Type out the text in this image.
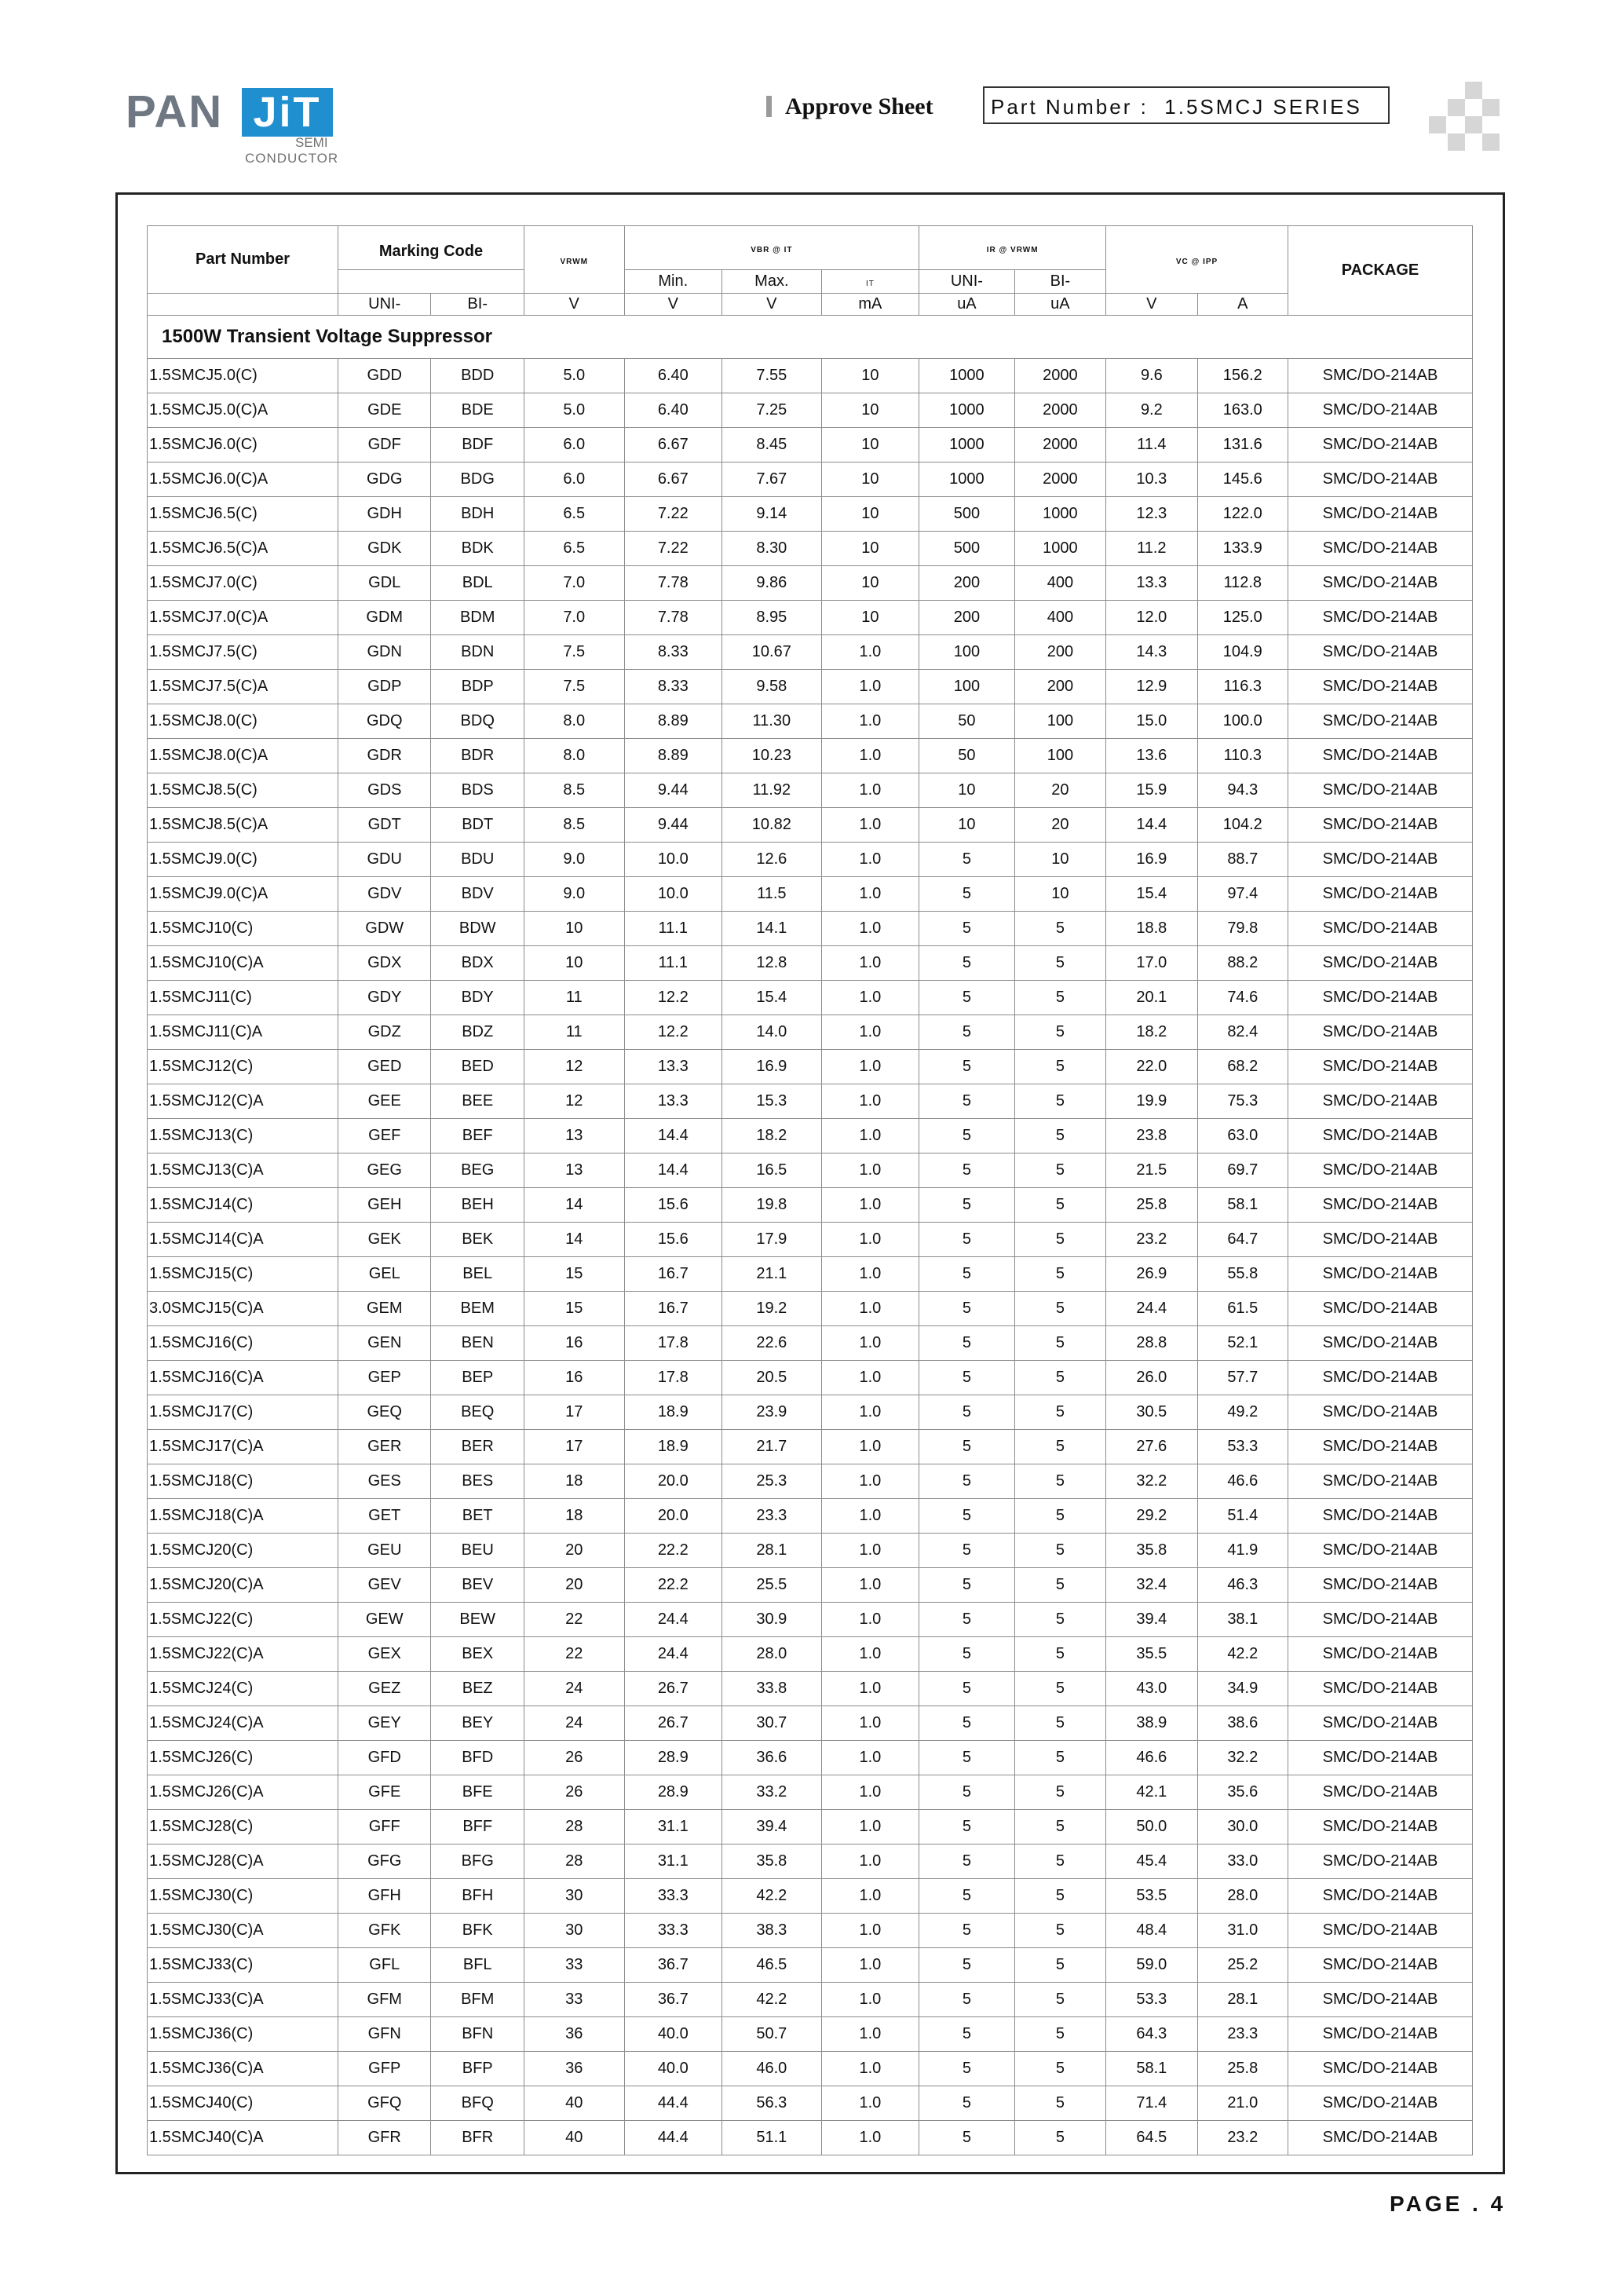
PAN JiT
SEMI
CONDUCTOR
Approve Sheet	Part Number : 1.5SMCJ SERIES
Part Number	Marking Code		VRWM	VBR @ IT			IR @ VRWM		VC @ IPP		PACKAGE
				Min.	Max.	IT	UNI-	BI-			
	UNI-	BI-	V	V	V	mA	uA	uA	V	A	
1500W Transient Voltage Suppressor											
1.5SMCJ5.0(C)	GDD	BDD	5.0	6.40	7.55	10	1000	2000	9.6	156.2	SMC/DO-214AB
1.5SMCJ5.0(C)A	GDE	BDE	5.0	6.40	7.25	10	1000	2000	9.2	163.0	SMC/DO-214AB
1.5SMCJ6.0(C)	GDF	BDF	6.0	6.67	8.45	10	1000	2000	11.4	131.6	SMC/DO-214AB
1.5SMCJ6.0(C)A	GDG	BDG	6.0	6.67	7.67	10	1000	2000	10.3	145.6	SMC/DO-214AB
1.5SMCJ6.5(C)	GDH	BDH	6.5	7.22	9.14	10	500	1000	12.3	122.0	SMC/DO-214AB
1.5SMCJ6.5(C)A	GDK	BDK	6.5	7.22	8.30	10	500	1000	11.2	133.9	SMC/DO-214AB
1.5SMCJ7.0(C)	GDL	BDL	7.0	7.78	9.86	10	200	400	13.3	112.8	SMC/DO-214AB
1.5SMCJ7.0(C)A	GDM	BDM	7.0	7.78	8.95	10	200	400	12.0	125.0	SMC/DO-214AB
1.5SMCJ7.5(C)	GDN	BDN	7.5	8.33	10.67	1.0	100	200	14.3	104.9	SMC/DO-214AB
1.5SMCJ7.5(C)A	GDP	BDP	7.5	8.33	9.58	1.0	100	200	12.9	116.3	SMC/DO-214AB
1.5SMCJ8.0(C)	GDQ	BDQ	8.0	8.89	11.30	1.0	50	100	15.0	100.0	SMC/DO-214AB
1.5SMCJ8.0(C)A	GDR	BDR	8.0	8.89	10.23	1.0	50	100	13.6	110.3	SMC/DO-214AB
1.5SMCJ8.5(C)	GDS	BDS	8.5	9.44	11.92	1.0	10	20	15.9	94.3	SMC/DO-214AB
1.5SMCJ8.5(C)A	GDT	BDT	8.5	9.44	10.82	1.0	10	20	14.4	104.2	SMC/DO-214AB
1.5SMCJ9.0(C)	GDU	BDU	9.0	10.0	12.6	1.0	5	10	16.9	88.7	SMC/DO-214AB
1.5SMCJ9.0(C)A	GDV	BDV	9.0	10.0	11.5	1.0	5	10	15.4	97.4	SMC/DO-214AB
1.5SMCJ10(C)	GDW	BDW	10	11.1	14.1	1.0	5	5	18.8	79.8	SMC/DO-214AB
1.5SMCJ10(C)A	GDX	BDX	10	11.1	12.8	1.0	5	5	17.0	88.2	SMC/DO-214AB
1.5SMCJ11(C)	GDY	BDY	11	12.2	15.4	1.0	5	5	20.1	74.6	SMC/DO-214AB
1.5SMCJ11(C)A	GDZ	BDZ	11	12.2	14.0	1.0	5	5	18.2	82.4	SMC/DO-214AB
1.5SMCJ12(C)	GED	BED	12	13.3	16.9	1.0	5	5	22.0	68.2	SMC/DO-214AB
1.5SMCJ12(C)A	GEE	BEE	12	13.3	15.3	1.0	5	5	19.9	75.3	SMC/DO-214AB
1.5SMCJ13(C)	GEF	BEF	13	14.4	18.2	1.0	5	5	23.8	63.0	SMC/DO-214AB
1.5SMCJ13(C)A	GEG	BEG	13	14.4	16.5	1.0	5	5	21.5	69.7	SMC/DO-214AB
1.5SMCJ14(C)	GEH	BEH	14	15.6	19.8	1.0	5	5	25.8	58.1	SMC/DO-214AB
1.5SMCJ14(C)A	GEK	BEK	14	15.6	17.9	1.0	5	5	23.2	64.7	SMC/DO-214AB
1.5SMCJ15(C)	GEL	BEL	15	16.7	21.1	1.0	5	5	26.9	55.8	SMC/DO-214AB
3.0SMCJ15(C)A	GEM	BEM	15	16.7	19.2	1.0	5	5	24.4	61.5	SMC/DO-214AB
1.5SMCJ16(C)	GEN	BEN	16	17.8	22.6	1.0	5	5	28.8	52.1	SMC/DO-214AB
1.5SMCJ16(C)A	GEP	BEP	16	17.8	20.5	1.0	5	5	26.0	57.7	SMC/DO-214AB
1.5SMCJ17(C)	GEQ	BEQ	17	18.9	23.9	1.0	5	5	30.5	49.2	SMC/DO-214AB
1.5SMCJ17(C)A	GER	BER	17	18.9	21.7	1.0	5	5	27.6	53.3	SMC/DO-214AB
1.5SMCJ18(C)	GES	BES	18	20.0	25.3	1.0	5	5	32.2	46.6	SMC/DO-214AB
1.5SMCJ18(C)A	GET	BET	18	20.0	23.3	1.0	5	5	29.2	51.4	SMC/DO-214AB
1.5SMCJ20(C)	GEU	BEU	20	22.2	28.1	1.0	5	5	35.8	41.9	SMC/DO-214AB
1.5SMCJ20(C)A	GEV	BEV	20	22.2	25.5	1.0	5	5	32.4	46.3	SMC/DO-214AB
1.5SMCJ22(C)	GEW	BEW	22	24.4	30.9	1.0	5	5	39.4	38.1	SMC/DO-214AB
1.5SMCJ22(C)A	GEX	BEX	22	24.4	28.0	1.0	5	5	35.5	42.2	SMC/DO-214AB
1.5SMCJ24(C)	GEZ	BEZ	24	26.7	33.8	1.0	5	5	43.0	34.9	SMC/DO-214AB
1.5SMCJ24(C)A	GEY	BEY	24	26.7	30.7	1.0	5	5	38.9	38.6	SMC/DO-214AB
1.5SMCJ26(C)	GFD	BFD	26	28.9	36.6	1.0	5	5	46.6	32.2	SMC/DO-214AB
1.5SMCJ26(C)A	GFE	BFE	26	28.9	33.2	1.0	5	5	42.1	35.6	SMC/DO-214AB
1.5SMCJ28(C)	GFF	BFF	28	31.1	39.4	1.0	5	5	50.0	30.0	SMC/DO-214AB
1.5SMCJ28(C)A	GFG	BFG	28	31.1	35.8	1.0	5	5	45.4	33.0	SMC/DO-214AB
1.5SMCJ30(C)	GFH	BFH	30	33.3	42.2	1.0	5	5	53.5	28.0	SMC/DO-214AB
1.5SMCJ30(C)A	GFK	BFK	30	33.3	38.3	1.0	5	5	48.4	31.0	SMC/DO-214AB
1.5SMCJ33(C)	GFL	BFL	33	36.7	46.5	1.0	5	5	59.0	25.2	SMC/DO-214AB
1.5SMCJ33(C)A	GFM	BFM	33	36.7	42.2	1.0	5	5	53.3	28.1	SMC/DO-214AB
1.5SMCJ36(C)	GFN	BFN	36	40.0	50.7	1.0	5	5	64.3	23.3	SMC/DO-214AB
1.5SMCJ36(C)A	GFP	BFP	36	40.0	46.0	1.0	5	5	58.1	25.8	SMC/DO-214AB
1.5SMCJ40(C)	GFQ	BFQ	40	44.4	56.3	1.0	5	5	71.4	21.0	SMC/DO-214AB
1.5SMCJ40(C)A	GFR	BFR	40	44.4	51.1	1.0	5	5	64.5	23.2	SMC/DO-214AB
PAGE . 4
